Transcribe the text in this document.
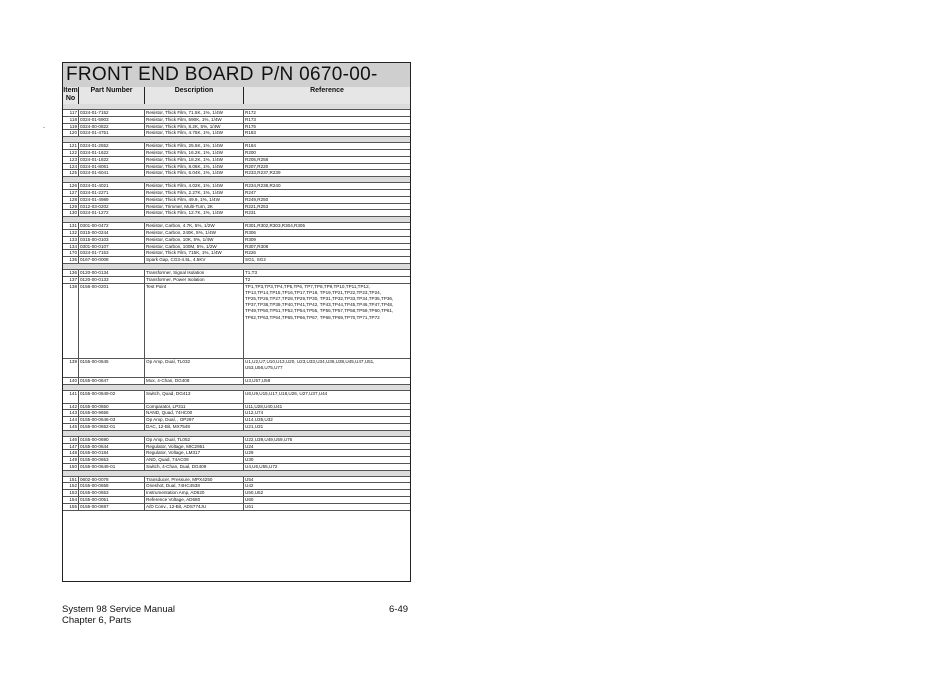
-
FRONT END BOARD P/N 0670-00-
Item
No
Part Number	Description	Reference
117 0324-01-7152	Resistor, Thick Film, 71.5K, 1%, 1/4W	R172
118 0324-01-5903	Resistor, Thick Film, 590K, 1%, 1/4W	R173
119 0324-00-0822	Resistor, Thick Film, 8.2K, 5%, 1/4W	R175
120 0324-01-4751	Resistor, Thick Film, 4.75K, 1%, 1/4W	R183
121 0324-01-2552	Resistor, Thick Film, 25.5K, 1%, 1/4W	R184
122 0324-01-1622	Resistor, Thick Film, 16.2K, 1%, 1/4W	R200
123 0324-01-1822	Resistor, Thick Film, 18.2K, 1%, 1/4W	R205,R258
124 0324-01-8061	Resistor, Thick Film, 8.06K, 1%, 1/4W	R207,R220
125 0324-01-6041	Resistor, Thick Film, 6.04K, 1%, 1/4W	R233,R237,R239
126 0324-01-4021	Resistor, Thick Film, 4.02K, 1%, 1/4W	R234,R238,R240
127 0324-01-2271	Resistor, Thick Film, 2.27K, 1%, 1/4W	R247
128 0324-01-4989	Resistor, Thick Film, 49.9, 1%, 1/4W	R249,R250
129 0312-03-0202	Resistor, Trimmer, Multi-Turn, 2K	R221,R253
130 0324-01-1272	Resistor, Thick Film, 12.7K, 1%, 1/4W	R231
131 0301-00-0472	Resistor, Carbon, 4.7K, 5%, 1/2W	R301,R302,R303,R304,R305
132 0315-00-0244	Resistor, Carbon, 240K, 5%, 1/4W	R306
133 0315-00-0103	Resistor, Carbon, 10K, 5%, 1/4W	R309
134 0301-00-0107	Resistor, Carbon, 100M, 5%, 1/2W	R307,R308
170 0324-01-7153	Resistor, Thick Film, 715K, 1%, 1/4W	R226
135 0167-00-0008	Spark Gap, CG3-4.5L, 4.5KV	SG1, SG2
136 0120-00-0134	Transformer, Signal Isolation	T1,T3
137 0120-00-0133	Transformer, Power Isolation	T2
138 0156-00-0201	Test Point	TP1,TP3,TP3,TP4,TP5,TP6, TP7,TP8,TP9,TP10,TP11,TP12, TP13,TP14,TP15,TP16,TP17,TP18, TP19,TP21,TP22,TP23,TP24, TP25,TP26,TP27,TP28,TP29,TP30, TP31,TP32,TP33,TP34,TP35,TP36, TP37,TP38,TP39,TP40,TP41,TP42, TP43,TP44,TP45,TP46,TP47,TP48, TP49,TP50,TP51,TP52,TP54,TP55, TP56,TP57,TP58,TP59,TP60,TP61, TP62,TP63,TP64,TP65,TP66,TP67, TP68,TP69,TP70,TP71,TP72
139 0155-00-0645	Op Amp, Dual, TL032	U1,U2,U7,U10,U13,U20, U23,U33,U34,U36,U38,U45,U47,U51, U53,U56,U75,U77
140 0155-00-0647	Mux, 4-Chan, DG408	U3,U57,U58
141 0155-00-0649-02	Switch, Quad, DG413	U8,U9,U15,U17,U18,U26, U27,U37,U44
142 0155-00-0650	Comparator, LP311	U11,U28,U40,U41
143 0155-00-9656	NAND, Quad, 74HC00	U12,U74
144 0155-00-0646-03	Op Amp, Dual, , OP297	U14,U35,U32
145 0155-00-0652-01	DAC, 12-Bit, MX7548	U21,U31
146 0155-00-0690	Op Amp, Dual, TL052	U22,U39,U49,U59,U76
147 0155-00-0644	Regulator, Voltage, MIC2951	U24
148 0155-00-0184	Regulator, Voltage, LM317	U29
149 0155-00-0653	AND, Quad, 74AC08	U30
150 0155-00-0649-01	Switch, 4-Chan, Dual, DG409	U4,U6,U55,U72
151 0602-00-0078	Transducer, Pressure, MPX4250	U54
152 0155-00-0658	Oneshot, Dual, 74HC4538	U42
153 0155-00-0653	Instrumentation Amp, AD620	U50,U52
154 0155-00-0051	Reference Voltage, AD680	U60
155 0155-00-0697	A/D Conv., 12-Bit, ADS774JU	U61
System 98 Service Manual
Chapter 6, Parts
6-49
